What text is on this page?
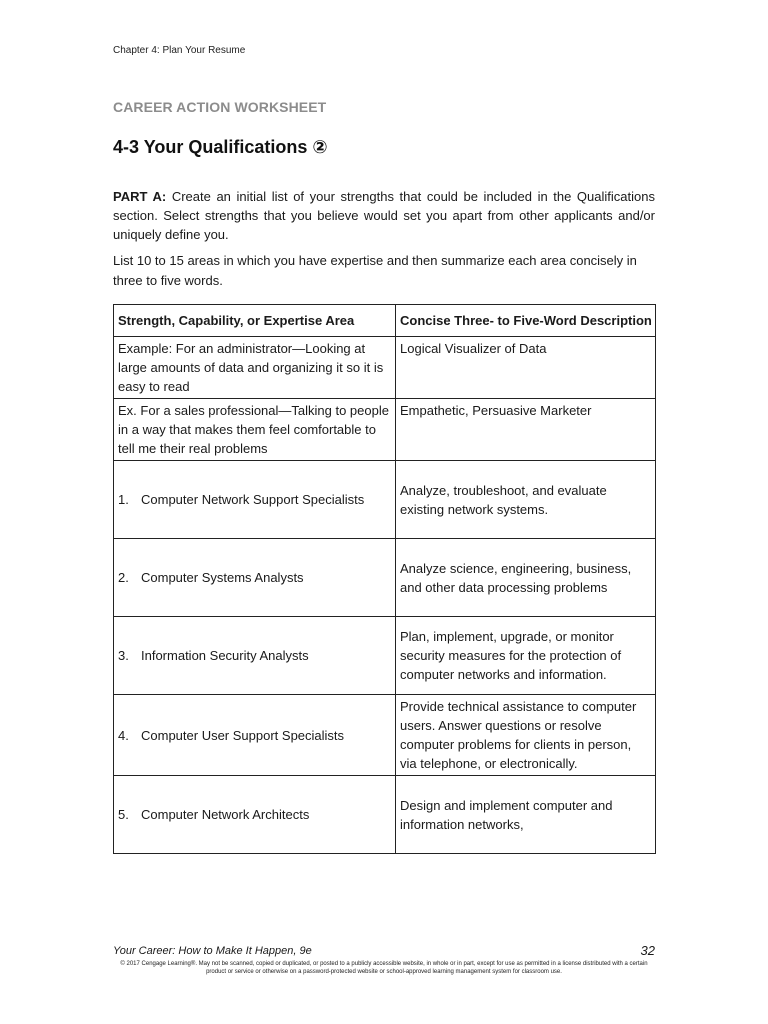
Chapter 4: Plan Your Resume
CAREER ACTION WORKSHEET
4-3 Your Qualifications ②
PART A: Create an initial list of your strengths that could be included in the Qualifications section. Select strengths that you believe would set you apart from other applicants and/or uniquely define you.
List 10 to 15 areas in which you have expertise and then summarize each area concisely in three to five words.
Strength, Capability, or Expertise Area	Concise Three- to Five-Word Description
Example: For an administrator—Looking at large amounts of data and organizing it so it is easy to read	Logical Visualizer of Data
Ex. For a sales professional—Talking to people in a way that makes them feel comfortable to tell me their real problems	Empathetic, Persuasive Marketer
1. Computer Network Support Specialists	Analyze, troubleshoot, and evaluate existing network systems.
2. Computer Systems Analysts	Analyze science, engineering, business, and other data processing problems
3. Information Security Analysts	Plan, implement, upgrade, or monitor security measures for the protection of computer networks and information.
4. Computer User Support Specialists	Provide technical assistance to computer users. Answer questions or resolve computer problems for clients in person, via telephone, or electronically.
5. Computer Network Architects	Design and implement computer and information networks,
Your Career: How to Make It Happen, 9e	32
© 2017 Cengage Learning®. May not be scanned, copied or duplicated, or posted to a publicly accessible website, in whole or in part, except for use as permitted in a license distributed with a certain product or service or otherwise on a password-protected website or school-approved learning management system for classroom use.
